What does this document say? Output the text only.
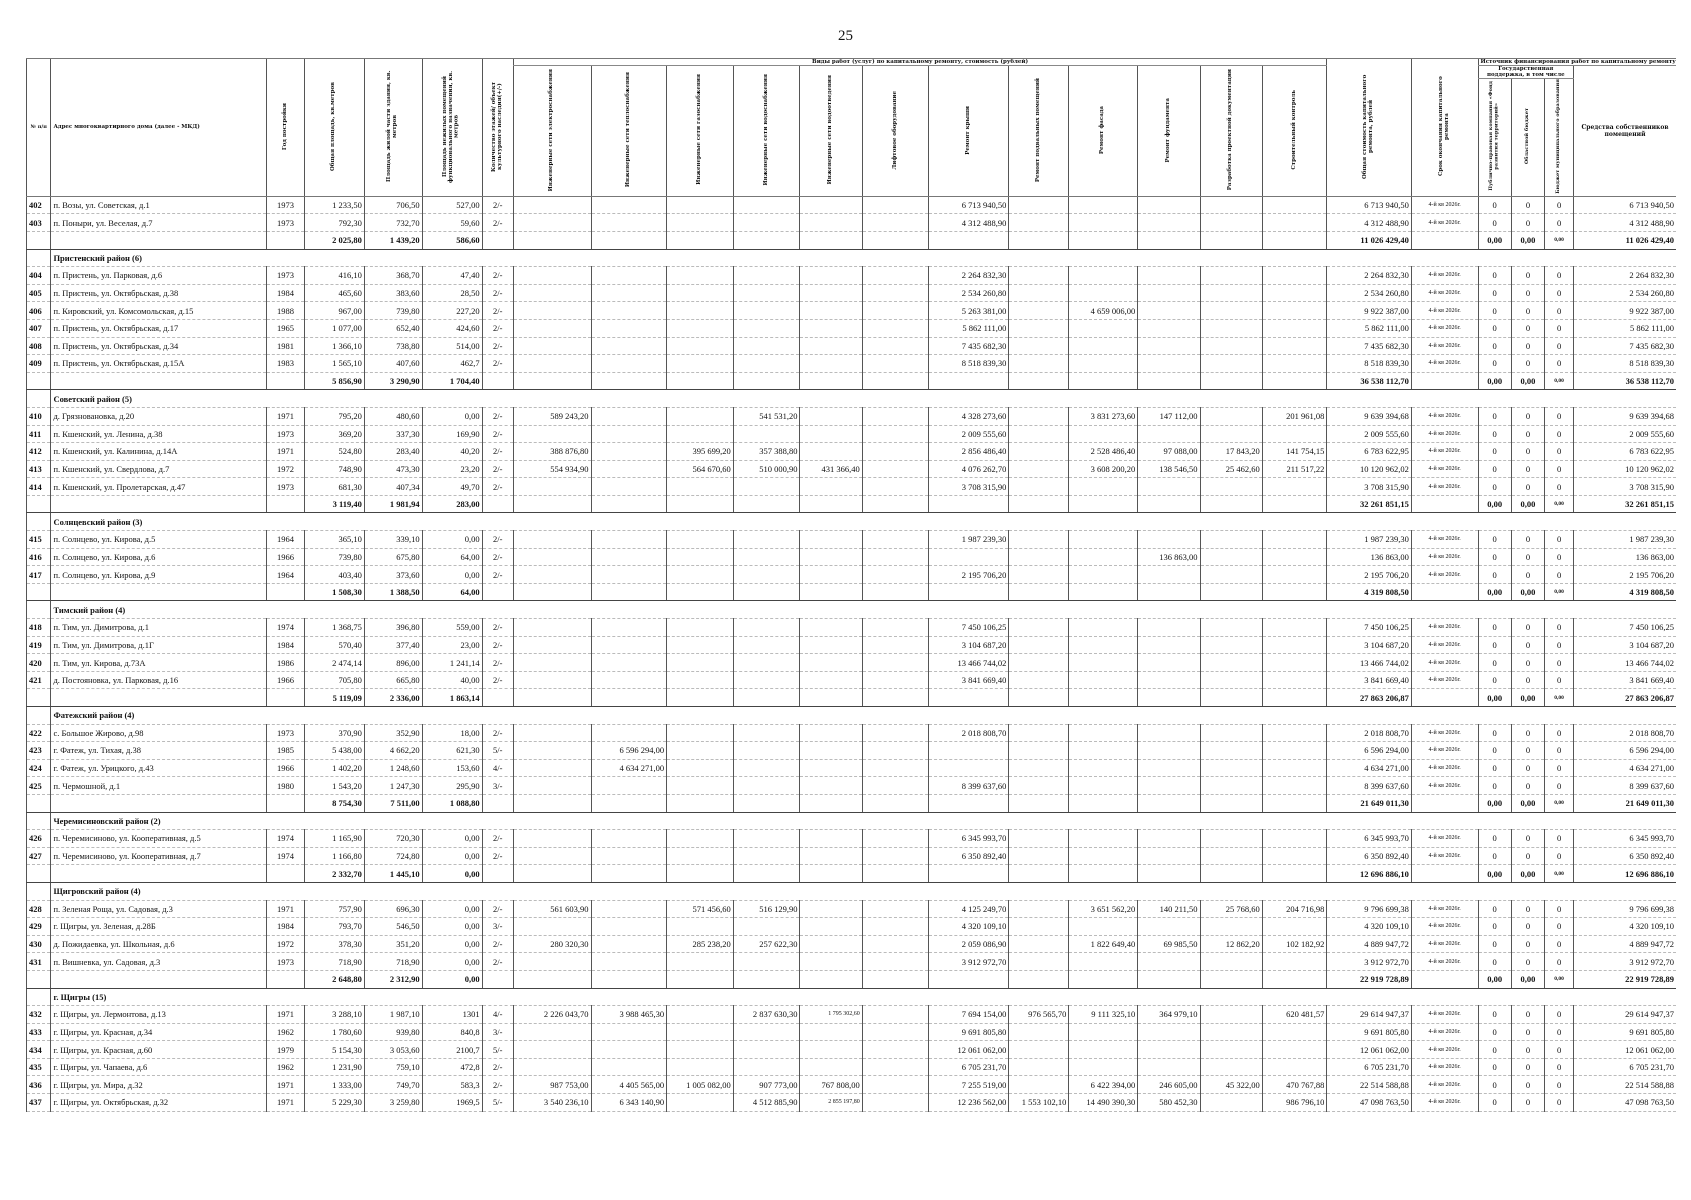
25
№ п/п	Адрес многоквартирного дома (далее - МКД)	Год постройки	Общая площадь, кв.метров	Площадь жилой части здания, кв. метров	Площадь нежилых помещений функционального назначения, кв. метров	Количество этажей/ объект культурного наследия(+/-)	Виды работ (услуг) по капитальному ремонту, стоимость (рублей)												Общая стоимость капитального ремонта, рублей	Срок окончания капитального ремонта	Источник финансирования работ по капитальному ремонту			
							Инженерные сети электроснабжения	Инженерные сети теплоснабжения	Инженерные сети газоснабжения	Инженерные сети водоснабжения	Инженерные сети водоотведения	Лифтовое оборудование	Ремонт крыши	Ремонт подвальных помещений	Ремонт фасада	Ремонт фундамента	Разработка проектной документации	Строительный контроль			Государственная поддержка, в том числе			Средства собственников помещений
																					Публично-правовая компания «Фонд развития территорий»	Областной бюджет	Бюджет муниципального образования	
402	п. Возы, ул. Советская, д.1	1973	1 233,50	706,50	527,00	2/-							6 713 940,50						6 713 940,50	4-й кв 2026г.	0	0	0	6 713 940,50
403	п. Поныри, ул. Веселая, д.7	1973	792,30	732,70	59,60	2/-							4 312 488,90						4 312 488,90	4-й кв 2026г.	0	0	0	4 312 488,90
			2 025,80	1 439,20	586,60														11 026 429,40		0,00	0,00	0,00	11 026 429,40
	Пристенский район (6)																							
404	п. Пристень, ул. Парковая, д.6	1973	416,10	368,70	47,40	2/-							2 264 832,30						2 264 832,30	4-й кв 2026г.	0	0	0	2 264 832,30
405	п. Пристень, ул. Октябрьская, д.38	1984	465,60	383,60	28,50	2/-							2 534 260,80						2 534 260,80	4-й кв 2026г.	0	0	0	2 534 260,80
406	п. Кировский, ул. Комсомольская, д.15	1988	967,00	739,80	227,20	2/-							5 263 381,00		4 659 006,00				9 922 387,00	4-й кв 2026г.	0	0	0	9 922 387,00
407	п. Пристень, ул. Октябрьская, д.17	1965	1 077,00	652,40	424,60	2/-							5 862 111,00						5 862 111,00	4-й кв 2026г.	0	0	0	5 862 111,00
408	п. Пристень, ул. Октябрьская, д.34	1981	1 366,10	738,80	514,00	2/-							7 435 682,30						7 435 682,30	4-й кв 2026г.	0	0	0	7 435 682,30
409	п. Пристень, ул. Октябрьская, д.15А	1983	1 565,10	407,60	462,7	2/-							8 518 839,30						8 518 839,30	4-й кв 2026г.	0	0	0	8 518 839,30
			5 856,90	3 290,90	1 704,40														36 538 112,70		0,00	0,00	0,00	36 538 112,70
	Советский район (5)																							
410	д. Грязновановка, д.20	1971	795,20	480,60	0,00	2/-	589 243,20			541 531,20			4 328 273,60		3 831 273,60	147 112,00		201 961,08	9 639 394,68	4-й кв 2026г.	0	0	0	9 639 394,68
411	п. Кшенский, ул. Ленина, д.38	1973	369,20	337,30	169,90	2/-							2 009 555,60						2 009 555,60	4-й кв 2026г.	0	0	0	2 009 555,60
412	п. Кшенский, ул. Калинина, д.14А	1971	524,80	283,40	40,20	2/-	388 876,80		395 699,20	357 388,80			2 856 486,40		2 528 486,40	97 088,00	17 843,20	141 754,15	6 783 622,95	4-й кв 2026г.	0	0	0	6 783 622,95
413	п. Кшенский, ул. Свердлова, д.7	1972	748,90	473,30	23,20	2/-	554 934,90		564 670,60	510 000,90	431 366,40		4 076 262,70		3 608 200,20	138 546,50	25 462,60	211 517,22	10 120 962,02	4-й кв 2026г.	0	0	0	10 120 962,02
414	п. Кшенский, ул. Пролетарская, д.47	1973	681,30	407,34	49,70	2/-							3 708 315,90						3 708 315,90	4-й кв 2026г.	0	0	0	3 708 315,90
			3 119,40	1 981,94	283,00														32 261 851,15		0,00	0,00	0,00	32 261 851,15
	Солнцевский район (3)																							
415	п. Солнцево, ул. Кирова, д.5	1964	365,10	339,10	0,00	2/-							1 987 239,30						1 987 239,30	4-й кв 2026г.	0	0	0	1 987 239,30
416	п. Солнцево, ул. Кирова, д.6	1966	739,80	675,80	64,00	2/-										136 863,00			136 863,00	4-й кв 2026г.	0	0	0	136 863,00
417	п. Солнцево, ул. Кирова, д.9	1964	403,40	373,60	0,00	2/-							2 195 706,20						2 195 706,20	4-й кв 2026г.	0	0	0	2 195 706,20
			1 508,30	1 388,50	64,00														4 319 808,50		0,00	0,00	0,00	4 319 808,50
	Тимский район (4)																							
418	п. Тим, ул. Димитрова, д.1	1974	1 368,75	396,80	559,00	2/-							7 450 106,25						7 450 106,25	4-й кв 2026г.	0	0	0	7 450 106,25
419	п. Тим, ул. Димитрова, д.1Г	1984	570,40	377,40	23,00	2/-							3 104 687,20						3 104 687,20	4-й кв 2026г.	0	0	0	3 104 687,20
420	п. Тим, ул. Кирова, д.73А	1986	2 474,14	896,00	1 241,14	2/-							13 466 744,02						13 466 744,02	4-й кв 2026г.	0	0	0	13 466 744,02
421	д. Постояновка, ул. Парковая, д.16	1966	705,80	665,80	40,00	2/-							3 841 669,40						3 841 669,40	4-й кв 2026г.	0	0	0	3 841 669,40
			5 119,09	2 336,00	1 863,14														27 863 206,87		0,00	0,00	0,00	27 863 206,87
	Фатежский район (4)																							
422	с. Большое Жирово, д.98	1973	370,90	352,90	18,00	2/-							2 018 808,70						2 018 808,70	4-й кв 2026г.	0	0	0	2 018 808,70
423	г. Фатеж, ул. Тихая, д.38	1985	5 438,00	4 662,20	621,30	5/-		6 596 294,00											6 596 294,00	4-й кв 2026г.	0	0	0	6 596 294,00
424	г. Фатеж, ул. Урицкого, д.43	1966	1 402,20	1 248,60	153,60	4/-		4 634 271,00											4 634 271,00	4-й кв 2026г.	0	0	0	4 634 271,00
425	п. Чермошной, д.1	1980	1 543,20	1 247,30	295,90	3/-							8 399 637,60						8 399 637,60	4-й кв 2026г.	0	0	0	8 399 637,60
			8 754,30	7 511,00	1 088,80														21 649 011,30		0,00	0,00	0,00	21 649 011,30
	Черемисиновский район (2)																							
426	п. Черемисиново, ул. Кооперативная, д.5	1974	1 165,90	720,30	0,00	2/-							6 345 993,70						6 345 993,70	4-й кв 2026г.	0	0	0	6 345 993,70
427	п. Черемисиново, ул. Кооперативная, д.7	1974	1 166,80	724,80	0,00	2/-							6 350 892,40						6 350 892,40	4-й кв 2026г.	0	0	0	6 350 892,40
			2 332,70	1 445,10	0,00														12 696 886,10		0,00	0,00	0,00	12 696 886,10
	Щигровский район (4)																							
428	п. Зеленая Роща, ул. Садовая, д.3	1971	757,90	696,30	0,00	2/-	561 603,90		571 456,60	516 129,90			4 125 249,70		3 651 562,20	140 211,50	25 768,60	204 716,98	9 796 699,38	4-й кв 2026г.	0	0	0	9 796 699,38
429	г. Щигры, ул. Зеленая, д.28Б	1984	793,70	546,50	0,00	3/-							4 320 109,10						4 320 109,10	4-й кв 2026г.	0	0	0	4 320 109,10
430	д. Пожидаевка, ул. Школьная, д.6	1972	378,30	351,20	0,00	2/-	280 320,30		285 238,20	257 622,30			2 059 086,90		1 822 649,40	69 985,50	12 862,20	102 182,92	4 889 947,72	4-й кв 2026г.	0	0	0	4 889 947,72
431	п. Вишневка, ул. Садовая, д.3	1973	718,90	718,90	0,00	2/-							3 912 972,70						3 912 972,70	4-й кв 2026г.	0	0	0	3 912 972,70
			2 648,80	2 312,90	0,00														22 919 728,89		0,00	0,00	0,00	22 919 728,89
	г. Щигры (15)																							
432	г. Щигры, ул. Лермонтова, д.13	1971	3 288,10	1 987,10	1301	4/-	2 226 043,70	3 988 465,30		2 837 630,30	1 795 302,60		7 694 154,00	976 565,70	9 111 325,10	364 979,10		620 481,57	29 614 947,37	4-й кв 2026г.	0	0	0	29 614 947,37
433	г. Щигры, ул. Красная, д.34	1962	1 780,60	939,80	840,8	3/-							9 691 805,80						9 691 805,80	4-й кв 2026г.	0	0	0	9 691 805,80
434	г. Щигры, ул. Красная, д.60	1979	5 154,30	3 053,60	2100,7	5/-							12 061 062,00						12 061 062,00	4-й кв 2026г.	0	0	0	12 061 062,00
435	г. Щигры, ул. Чапаева, д.6	1962	1 231,90	759,10	472,8	2/-							6 705 231,70						6 705 231,70	4-й кв 2026г.	0	0	0	6 705 231,70
436	г. Щигры, ул. Мира, д.32	1971	1 333,00	749,70	583,3	2/-	987 753,00	4 405 565,00	1 005 082,00	907 773,00	767 808,00		7 255 519,00		6 422 394,00	246 605,00	45 322,00	470 767,88	22 514 588,88	4-й кв 2026г.	0	0	0	22 514 588,88
437	г. Щигры, ул. Октябрьская, д.32	1971	5 229,30	3 259,80	1969,5	5/-	3 540 236,10	6 343 140,90		4 512 885,90	2 855 197,80		12 236 562,00	1 553 102,10	14 490 390,30	580 452,30		986 796,10	47 098 763,50	4-й кв 2026г.	0	0	0	47 098 763,50
